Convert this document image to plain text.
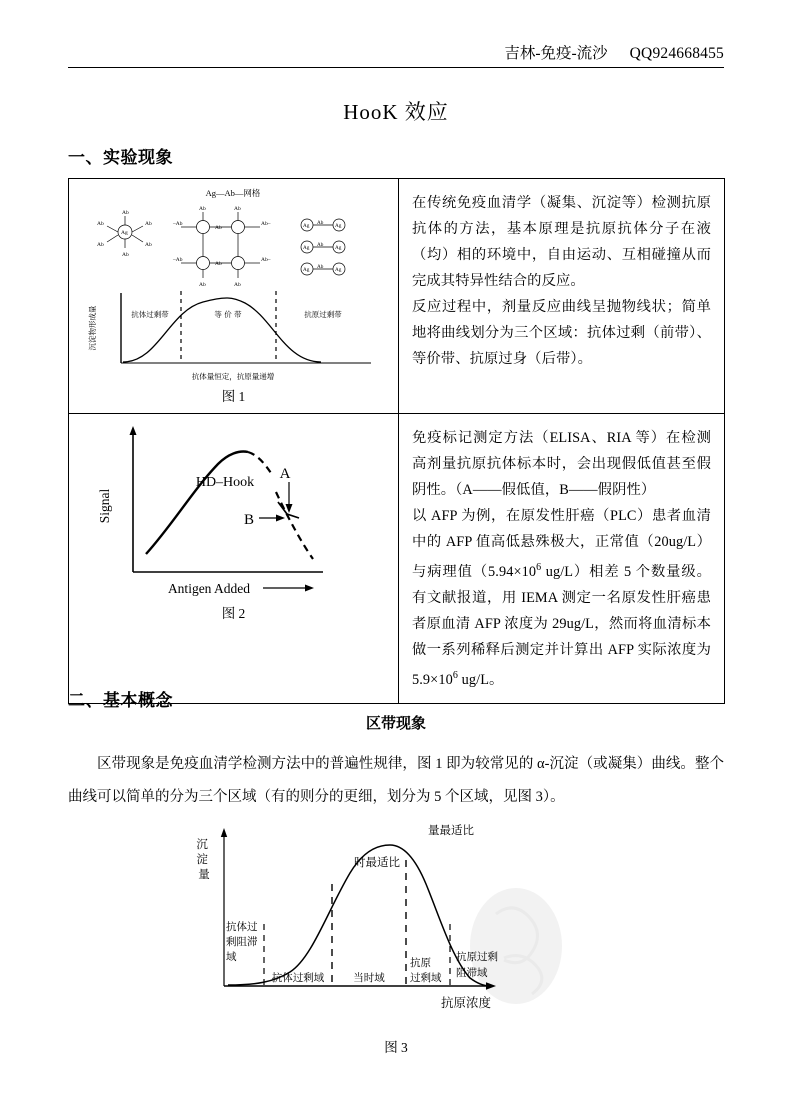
吉林-免疫-流沙 QQ924668455
HooK 效应
一、实验现象
Ag—Ab—网格
Ag
Ab
Ab
Ab	Ab
Ab	Ab
Ab	Ab
Ab	Ab
–Ab
–Ab
Ab–
Ab–
Ab
Ab
Ag	Ag
Ab
Ag	Ag
Ab
Ag	Ag
Ab
抗体过剩带	等 价 带	抗原过剩带
沉淀物形成量
抗体量恒定，抗原量递增
图 1

在传统免疫血清学（凝集、沉淀等）检测抗原抗体的方法，基本原理是抗原抗体分子在液（均）相的环境中，自由运动、互相碰撞从而完成其特异性结合的反应。

反应过程中，剂量反应曲线呈抛物线状；简单地将曲线划分为三个区域：抗体过剩（前带）、等价带、抗原过身（后带）。

HD–Hook
A
B
Signal
Antigen Added
图 2

免疫标记测定方法（ELISA、RIA 等）在检测高剂量抗原抗体标本时，会出现假低值甚至假阴性。（A——假低值，B——假阴性）

以 AFP 为例，在原发性肝癌（PLC）患者血清中的 AFP 值高低悬殊极大，正常值（20ug/L）与病理值（$5.94\times 10^6$ ug/L）相差 5 个数量级。有文献报道，用 IEMA 测定一名原发性肝癌患者原血清 AFP 浓度为 29ug/L，然而将血清标本做一系列稀释后测定并计算出 AFP 实际浓度为 $5.9\times 10^6$ ug/L。

二、基本概念
区带现象
区带现象是免疫血清学检测方法中的普遍性规律，图 1 即为较常见的 α-沉淀（或凝集）曲线。整个曲线可以简单的分为三个区域（有的则分的更细，划分为 5 个区域，见图 3）。
量最适比
时最适比
沉 淀 量
抗体过 剩阻滞 域
抗体过剩域	当时域
抗原 过剩域
抗原过剩 阻滞域
抗原浓度
图 3
